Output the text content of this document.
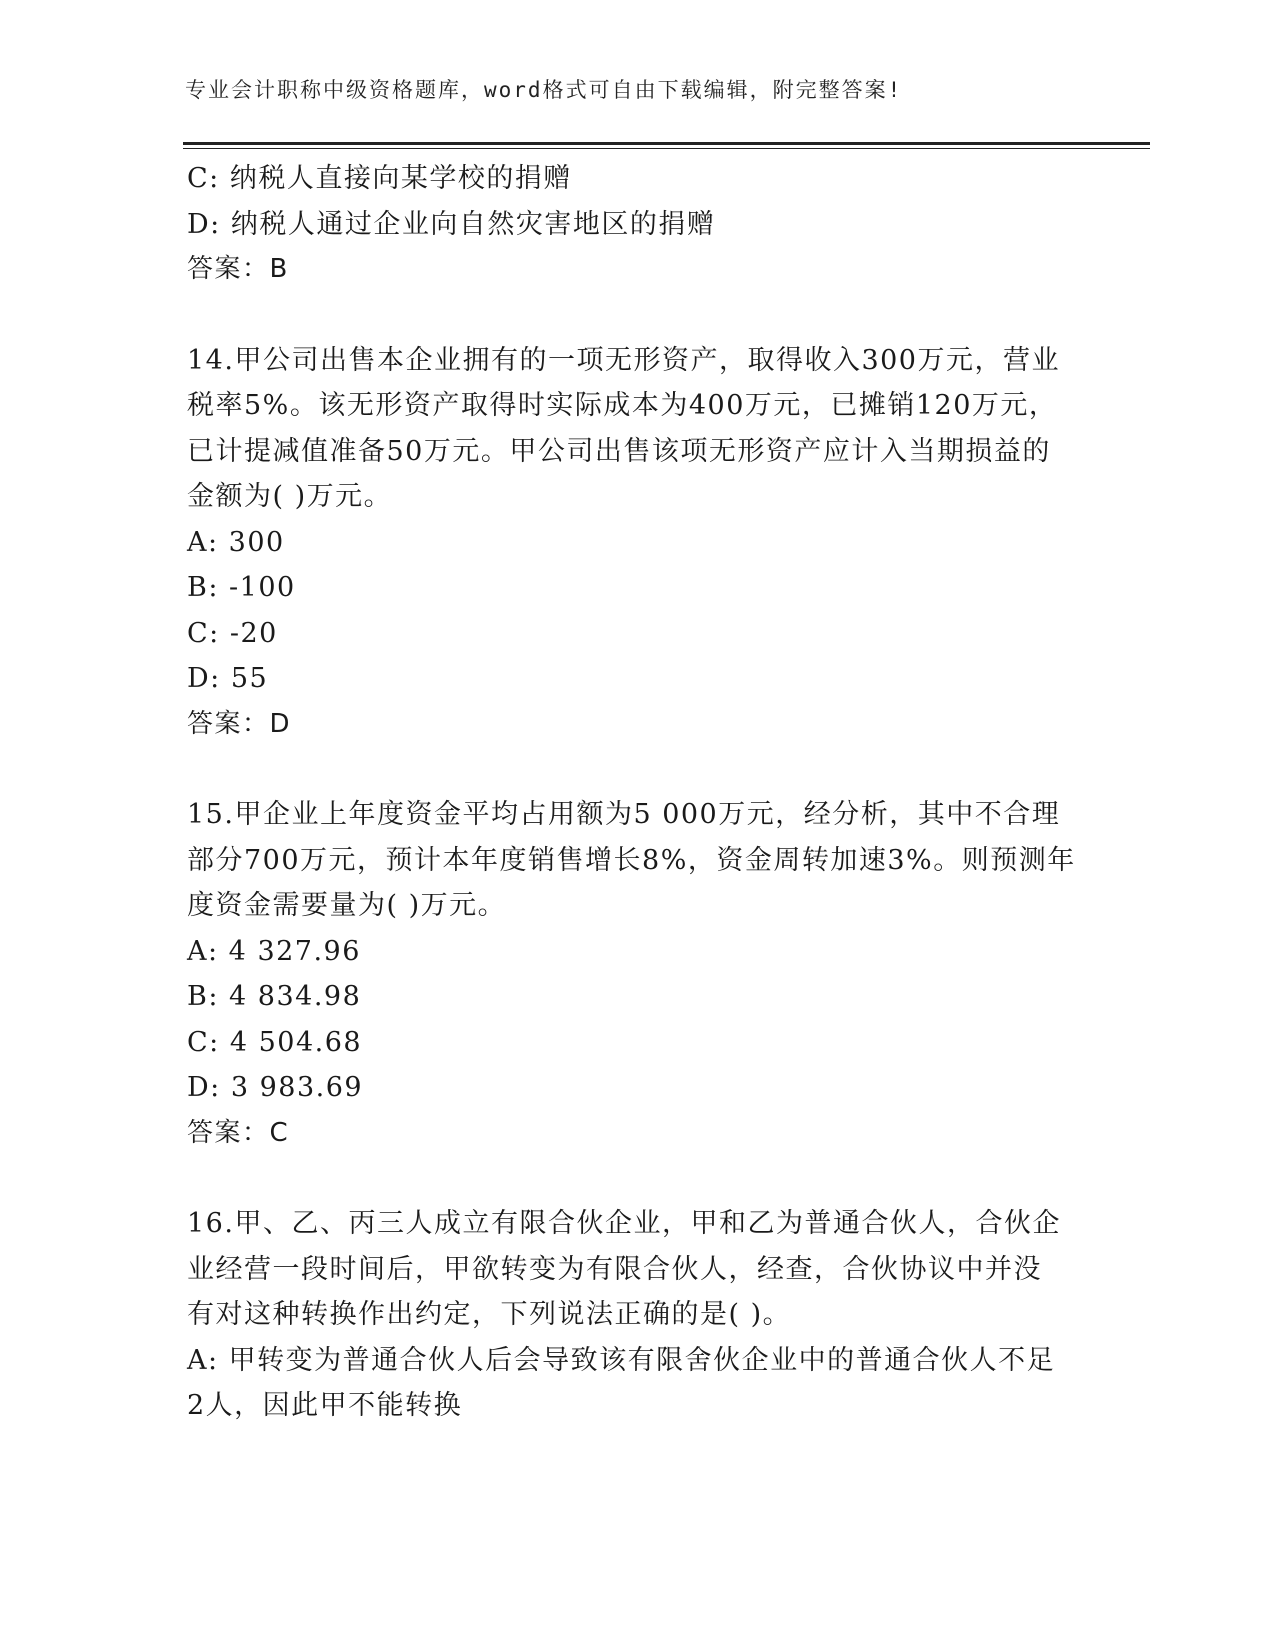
专业会计职称中级资格题库，word格式可自由下载编辑，附完整答案!
C: 纳税人直接向某学校的捐赠
D: 纳税人通过企业向自然灾害地区的捐赠
答案：B
14.甲公司出售本企业拥有的一项无形资产，取得收入300万元，营业
税率5%。该无形资产取得时实际成本为400万元，已摊销120万元，
已计提减值准备50万元。甲公司出售该项无形资产应计入当期损益的
金额为( )万元。
A: 300
B: -100
C: -20
D: 55
答案：D
15.甲企业上年度资金平均占用额为5 000万元，经分析，其中不合理
部分700万元，预计本年度销售增长8%，资金周转加速3%。则预测年
度资金需要量为( )万元。
A: 4 327.96
B: 4 834.98
C: 4 504.68
D: 3 983.69
答案：C
16.甲、乙、丙三人成立有限合伙企业，甲和乙为普通合伙人，合伙企
业经营一段时间后，甲欲转变为有限合伙人，经查，合伙协议中并没
有对这种转换作出约定，下列说法正确的是( )。
A: 甲转变为普通合伙人后会导致该有限舍伙企业中的普通合伙人不足
2人，因此甲不能转换
